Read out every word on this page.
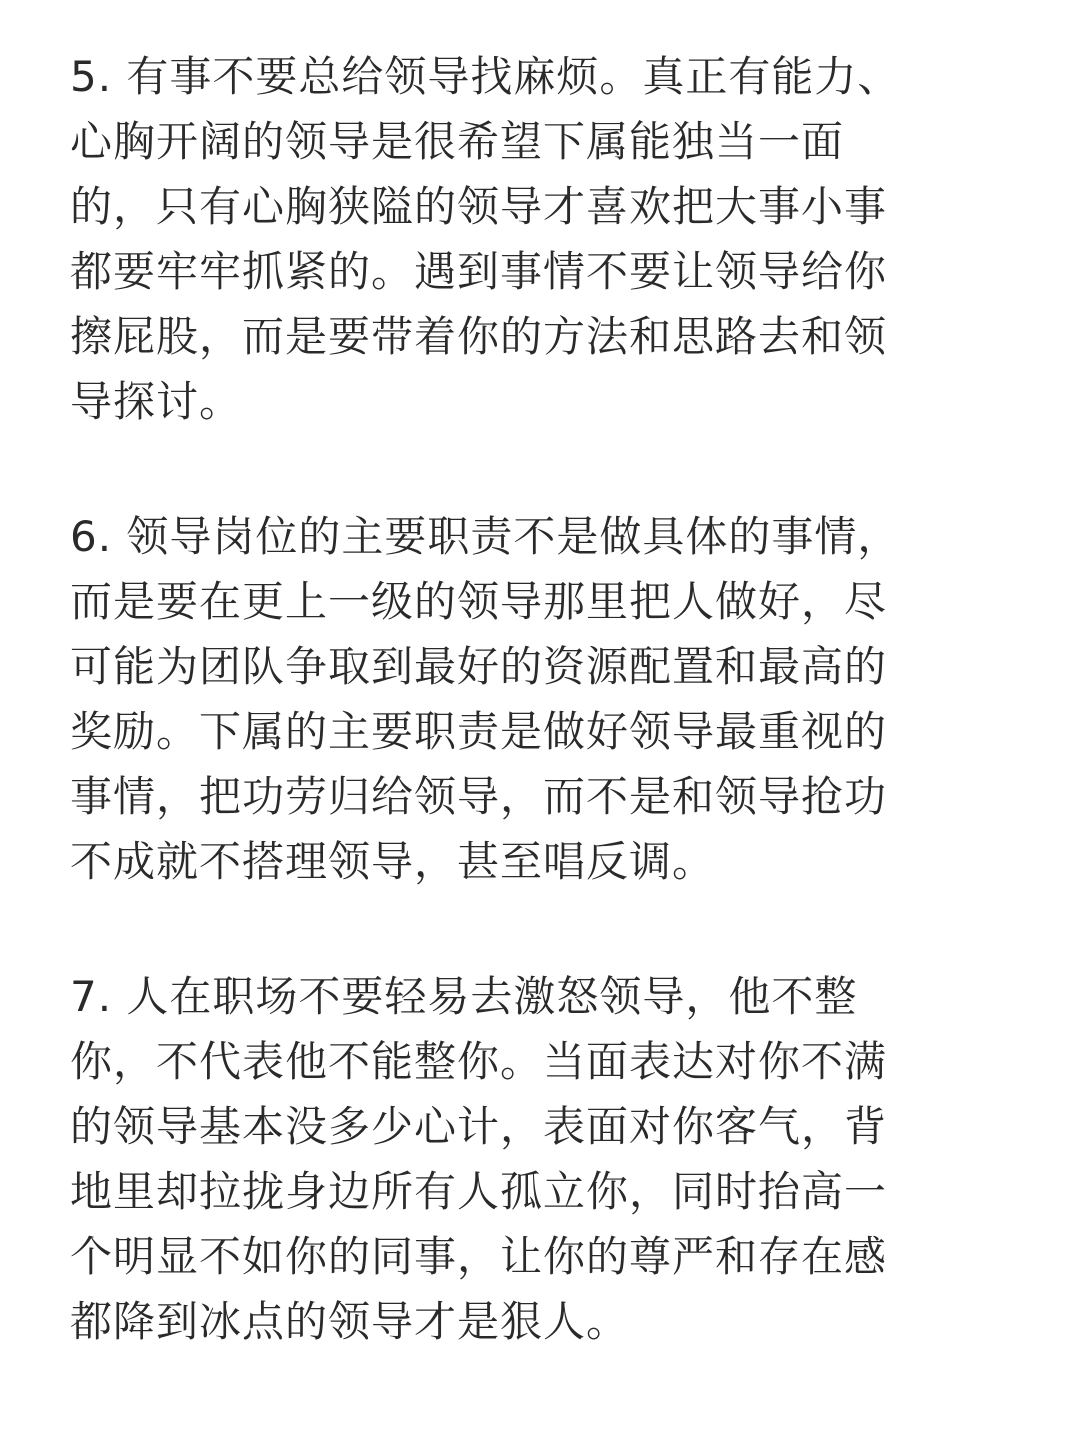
5. 有事不要总给领导找麻烦。真正有能力、
心胸开阔的领导是很希望下属能独当一面
的，只有心胸狭隘的领导才喜欢把大事小事
都要牢牢抓紧的。遇到事情不要让领导给你
擦屁股，而是要带着你的方法和思路去和领
导探讨。
6. 领导岗位的主要职责不是做具体的事情，
而是要在更上一级的领导那里把人做好，尽
可能为团队争取到最好的资源配置和最高的
奖励。下属的主要职责是做好领导最重视的
事情，把功劳归给领导，而不是和领导抢功
不成就不搭理领导，甚至唱反调。
7. 人在职场不要轻易去激怒领导，他不整
你，不代表他不能整你。当面表达对你不满
的领导基本没多少心计，表面对你客气，背
地里却拉拢身边所有人孤立你，同时抬高一
个明显不如你的同事，让你的尊严和存在感
都降到冰点的领导才是狠人。
